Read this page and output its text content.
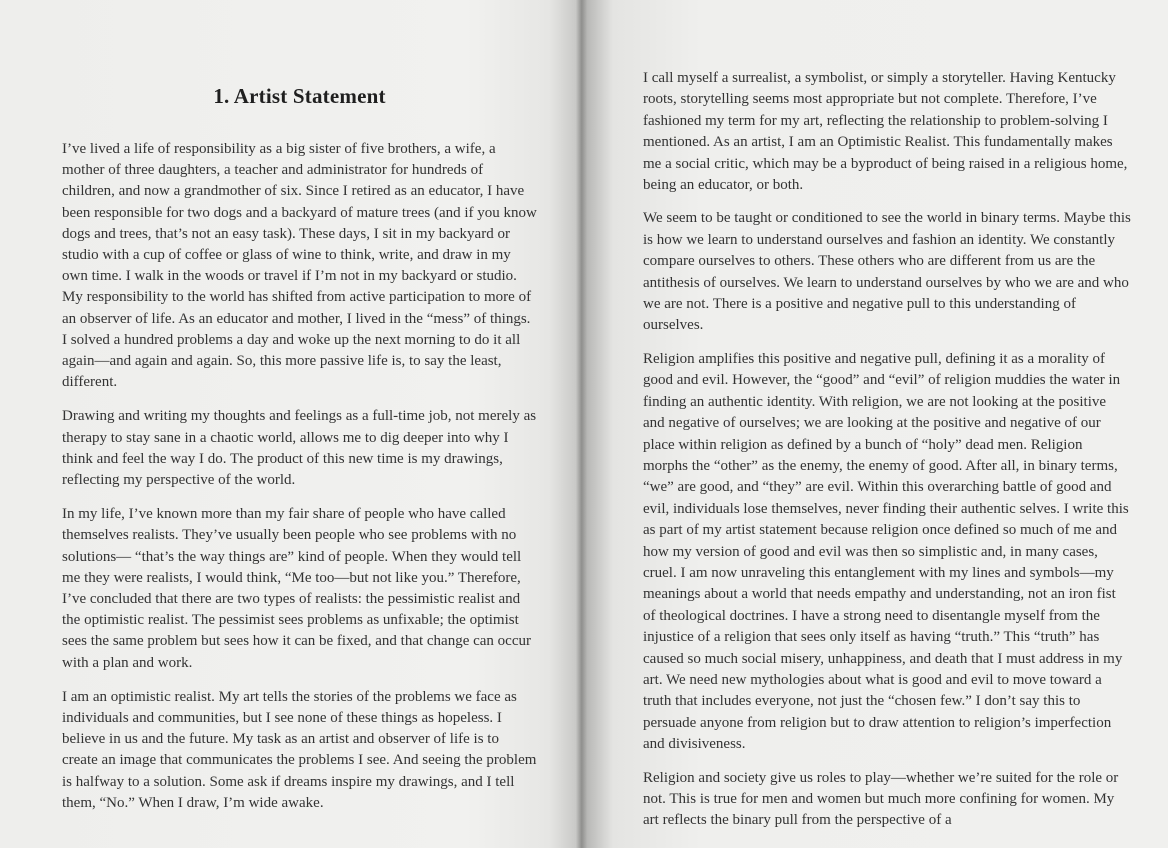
1. Artist Statement

I’ve lived a life of responsibility as a big sister of five brothers, a wife, a mother of three daughters, a teacher and administrator for hundreds of children, and now a grandmother of six. Since I retired as an educator, I have been responsible for two dogs and a backyard of mature trees (and if you know dogs and trees, that’s not an easy task). These days, I sit in my backyard or studio with a cup of coffee or glass of wine to think, write, and draw in my own time. I walk in the woods or travel if I’m not in my backyard or studio.

My responsibility to the world has shifted from active participation to more of an observer of life. As an educator and mother, I lived in the “mess” of things. I solved a hundred problems a day and woke up the next morning to do it all again—and again and again. So, this more passive life is, to say the least, different.

Drawing and writing my thoughts and feelings as a full-time job, not merely as therapy to stay sane in a chaotic world, allows me to dig deeper into why I think and feel the way I do. The product of this new time is my drawings, reflecting my perspective of the world.

In my life, I’ve known more than my fair share of people who have called themselves realists. They’ve usually been people who see problems with no solutions— “that’s the way things are” kind of people. When they would tell me they were realists, I would think, “Me too—but not like you.” Therefore, I’ve concluded that there are two types of realists: the pessimistic realist and the optimistic realist. The pessimist sees problems as unfixable; the optimist sees the same problem but sees how it can be fixed, and that change can occur with a plan and work.

I am an optimistic realist. My art tells the stories of the problems we face as individuals and communities, but I see none of these things as hopeless. I believe in us and the future. My task as an artist and observer of life is to create an image that communicates the problems I see. And seeing the problem is halfway to a solution. Some ask if dreams inspire my drawings, and I tell them, “No.” When I draw, I’m wide awake.

I call myself a surrealist, a symbolist, or simply a storyteller. Having Kentucky roots, storytelling seems most appropriate but not complete. Therefore, I’ve fashioned my term for my art, reflecting the relationship to problem-solving I mentioned. As an artist, I am an Optimistic Realist. This fundamentally makes me a social critic, which may be a byproduct of being raised in a religious home, being an educator, or both.

We seem to be taught or conditioned to see the world in binary terms. Maybe this is how we learn to understand ourselves and fashion an identity. We constantly compare ourselves to others. These others who are different from us are the antithesis of ourselves. We learn to understand ourselves by who we are and who we are not. There is a positive and negative pull to this understanding of ourselves.

Religion amplifies this positive and negative pull, defining it as a morality of good and evil. However, the “good” and “evil” of religion muddies the water in finding an authentic identity. With religion, we are not looking at the positive and negative of ourselves; we are looking at the positive and negative of our place within religion as defined by a bunch of “holy” dead men. Religion morphs the “other” as the enemy, the enemy of good. After all, in binary terms, “we” are good, and “they” are evil. Within this overarching battle of good and evil, individuals lose themselves, never finding their authentic selves. I write this as part of my artist statement because religion once defined so much of me and how my version of good and evil was then so simplistic and, in many cases, cruel. I am now unraveling this entanglement with my lines and symbols—my meanings about a world that needs empathy and understanding, not an iron fist of theological doctrines. I have a strong need to disentangle myself from the injustice of a religion that sees only itself as having “truth.” This “truth” has caused so much social misery, unhappiness, and death that I must address in my art. We need new mythologies about what is good and evil to move toward a truth that includes everyone, not just the “chosen few.” I don’t say this to persuade anyone from religion but to draw attention to religion’s imperfection and divisiveness.

Religion and society give us roles to play—whether we’re suited for the role or not. This is true for men and women but much more confining for women. My art reflects the binary pull from the perspective of a
